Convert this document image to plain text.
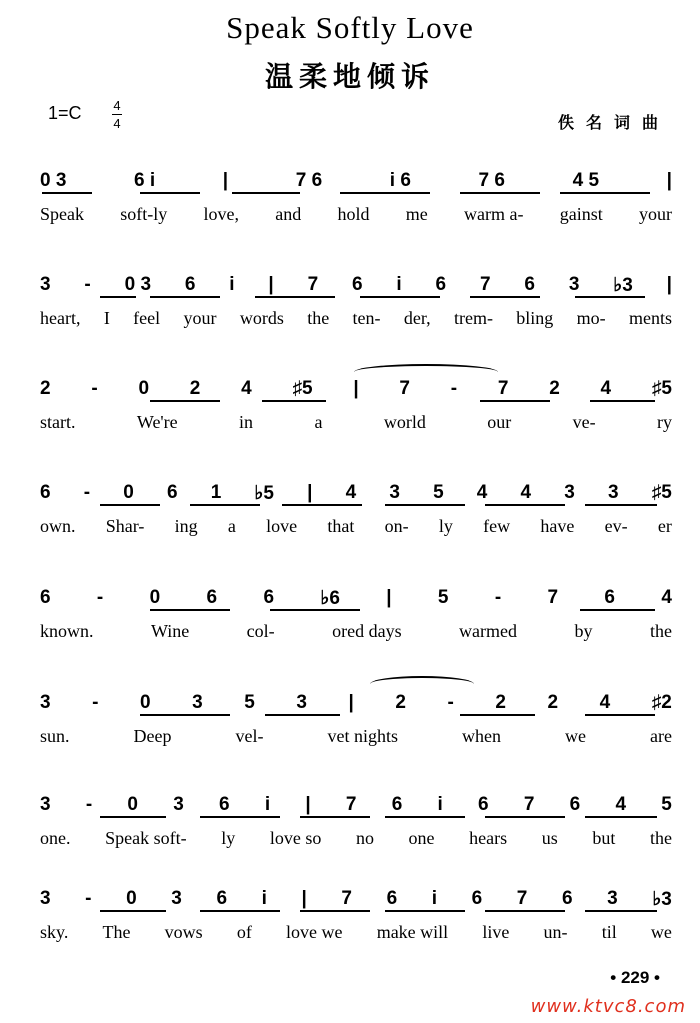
Speak Softly Love
温柔地倾诉
1=C 4
4	佚名词曲
0 3	6 i	|	7 6	i 6	7 6	4 5	|
Speak soft-ly love, and hold me warm a- gainst your
3 - 0 3 6 i | 7 6 i 6 7 6 3 ♭3 |
heart, I feel your words the ten- der, trem- bling mo- ments
2 - 0 2 4 ♯5 | 7 - 7 2 4 ♯5
start.	We're	in	a	world	our	ve-	ry
6 - 0 6 1 ♭5 | 4 3 5 4 4 3 3 ♯5
own. Shar- ing a love that on- ly few have ev- er
6 - 0 6 6 ♭6 | 5 - 7 6 4
known.	Wine	col-	ored days	warmed	by	the
3 - 0 3 5 3 | 2 - 2 2 4 ♯2
sun.	Deep	vel-	vet nights	when	we	are
3 - 0 3 6 i | 7 6 i 6 7 6 4 5
one. Speak soft- ly love so no one hears us but the
3 - 0 3 6 i | 7 6 i 6 7 6 3 ♭3
sky. The vows of love we make will live un- til we
• 229 •
www.ktvc8.com
